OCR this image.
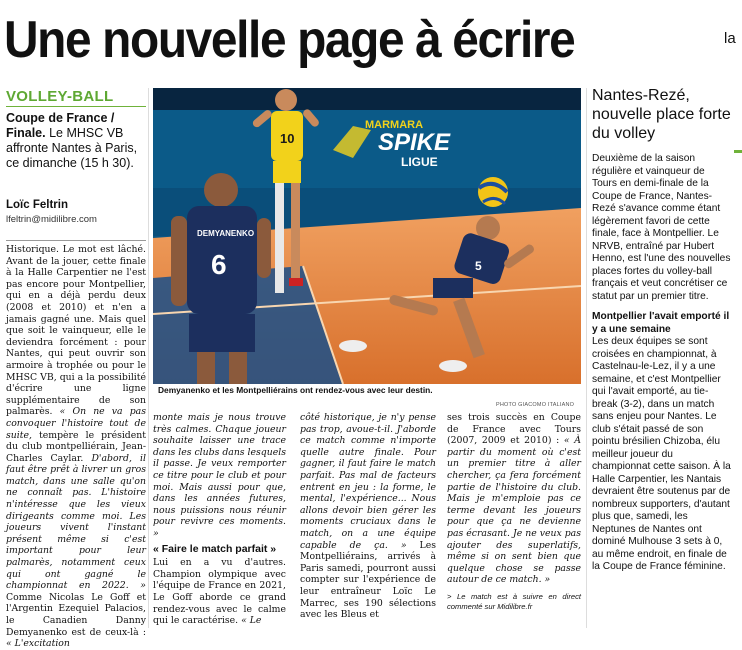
Une nouvelle page à écrire	la
VOLLEY-BALL
Coupe de France / Finale. Le MHSC VB affronte Nantes à Paris, ce dimanche (15 h 30).
Loïc Feltrin
lfeltrin@midilibre.com
Historique. Le mot est lâché. Avant de la jouer, cette finale à la Halle Carpentier ne l'est pas encore pour Montpellier, qui en a déjà perdu deux (2008 et 2010) et n'en a jamais gagné une. Mais quel que soit le vainqueur, elle le deviendra forcément : pour Nantes, qui peut ouvrir son armoire à trophée ou pour le MHSC VB, qui a la possibilité d'écrire une ligne supplémentaire de son palmarès. « On ne va pas convoquer l'histoire tout de suite, tempère le président du club montpelliérain, Jean-Charles Caylar. D'abord, il faut être prêt à livrer un gros match, dans une salle qu'on ne connaît pas. L'histoire n'intéresse que les vieux dirigeants comme moi. Les joueurs vivent l'instant présent même si c'est important pour leur palmarès, notamment ceux qui ont gagné le championnat en 2022. » Comme Nicolas Le Goff et l'Argentin Ezequiel Palacios, le Canadien Danny Demyanenko est de ceux-là : « L'excitation
MARMARA
SPIKE
LIGUE
10
5
DEMYANENKO
6
Demyanenko et les Montpelliérains ont rendez-vous avec leur destin.
PHOTO GIACOMO ITALIANO
monte mais je nous trouve très calmes. Chaque joueur souhaite laisser une trace dans les clubs dans lesquels il passe. Je veux remporter ce titre pour le club et pour moi. Mais aussi pour que, dans les années futures, nous puissions nous réunir pour revivre ces moments. »
« Faire le match parfait »
Lui en a vu d'autres. Champion olympique avec l'équipe de France en 2021, Le Goff aborde ce grand rendez-vous avec le calme qui le caractérise. « Le
côté historique, je n'y pense pas trop, avoue-t-il. J'aborde ce match comme n'importe quelle autre finale. Pour gagner, il faut faire le match parfait. Pas mal de facteurs entrent en jeu : la forme, le mental, l'expérience... Nous allons devoir bien gérer les moments cruciaux dans le match, on a une équipe capable de ça. » Les Montpelliérains, arrivés à Paris samedi, pourront aussi compter sur l'expérience de leur entraîneur Loïc Le Marrec, ses 190 sélections avec les Bleus et
ses trois succès en Coupe de France avec Tours (2007, 2009 et 2010) : « À partir du moment où c'est un premier titre à aller chercher, ça fera forcément partie de l'histoire du club. Mais je m'emploie pas ce terme devant les joueurs pour que ça ne devienne pas écrasant. Je ne veux pas ajouter des superlatifs, même si on sent bien que quelque chose se passe autour de ce match. »
> Le match est à suivre en direct commenté sur Midilibre.fr
Nantes-Rezé, nouvelle place forte du volley
Deuxième de la saison régulière et vainqueur de Tours en demi-finale de la Coupe de France, Nantes-Rezé s'avance comme étant légèrement favori de cette finale, face à Montpellier. Le NRVB, entraîné par Hubert Henno, est l'une des nouvelles places fortes du volley-ball français et veut concrétiser ce statut par un premier titre.
Montpellier l'avait emporté il y a une semaine
Les deux équipes se sont croisées en championnat, à Castelnau-le-Lez, il y a une semaine, et c'est Montpellier qui l'avait emporté, au tie-break (3-2), dans un match sans enjeu pour Nantes. Le club s'était passé de son pointu brésilien Chizoba, élu meilleur joueur du championnat cette saison. À la Halle Carpentier, les Nantais devraient être soutenus par de nombreux supporters, d'autant plus que, samedi, les Neptunes de Nantes ont dominé Mulhouse 3 sets à 0, au même endroit, en finale de la Coupe de France féminine.
